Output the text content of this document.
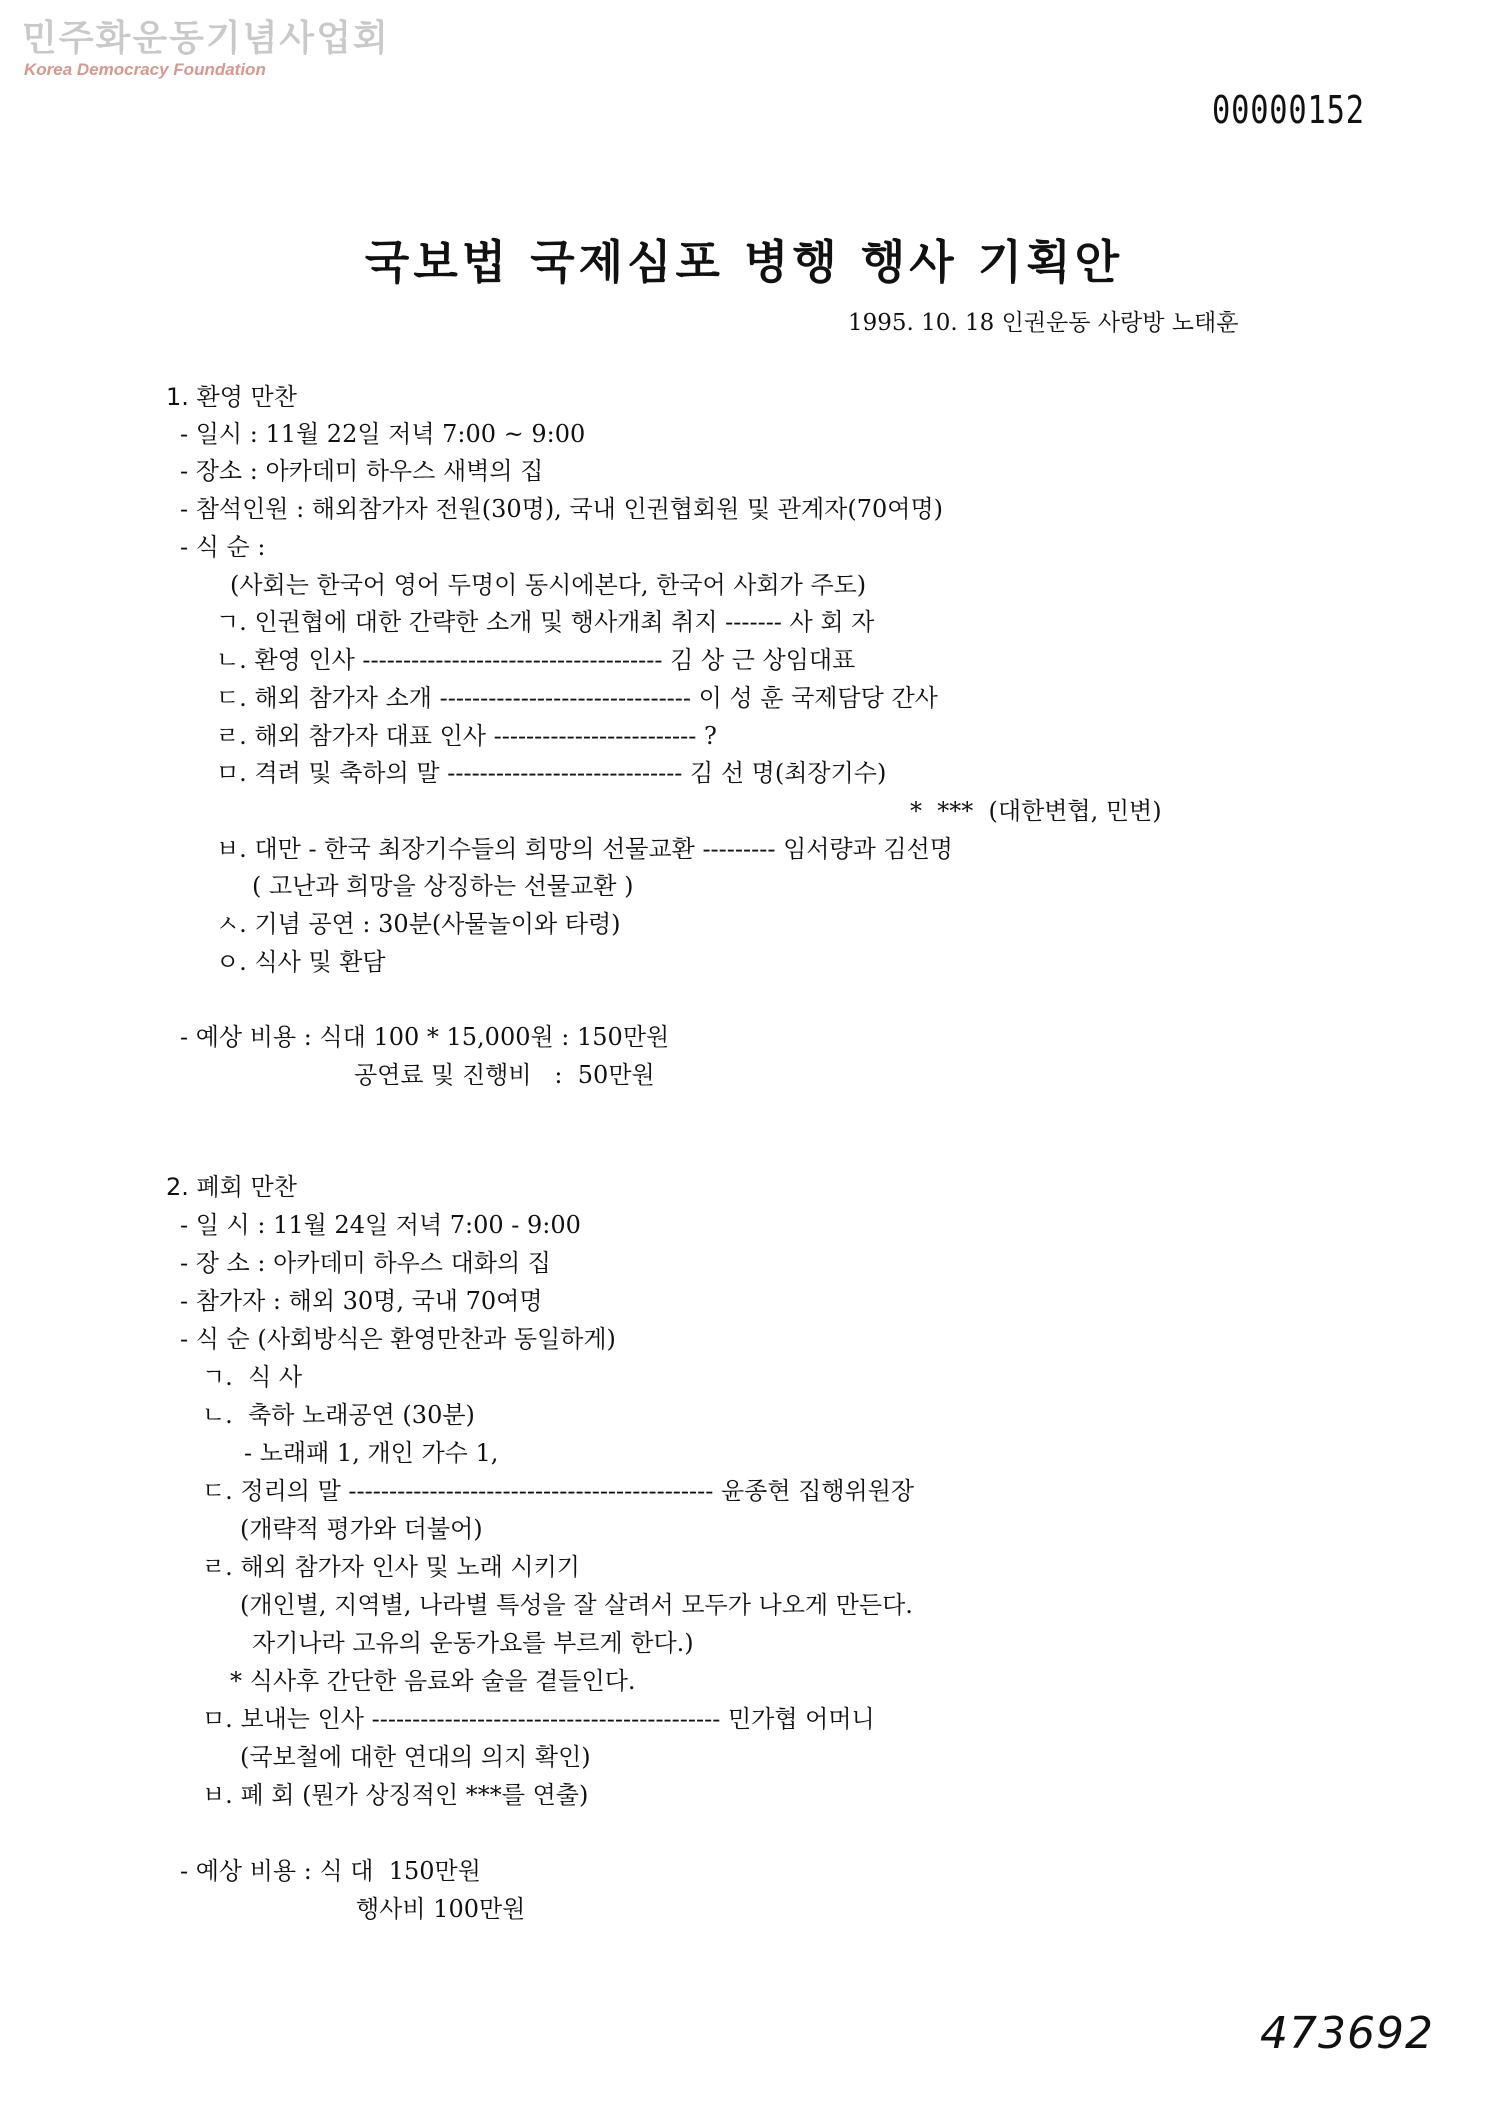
민주화운동기념사업회
Korea Democracy Foundation
00000152
국보법 국제심포 병행 행사 기획안
1995. 10. 18 인권운동 사랑방 노태훈
1. 환영 만찬
- 일시 : 11월 22일 저녁 7:00 ~ 9:00
- 장소 : 아카데미 하우스 새벽의 집
- 참석인원 : 해외참가자 전원(30명), 국내 인권협회원 및 관계자(70여명)
- 식 순 :
(사회는 한국어 영어 두명이 동시에본다, 한국어 사회가 주도)
ㄱ. 인권협에 대한 간략한 소개 및 행사개최 취지 ------- 사 회 자
ㄴ. 환영 인사 ------------------------------------- 김 상 근 상임대표
ㄷ. 해외 참가자 소개 ------------------------------- 이 성 훈 국제담당 간사
ㄹ. 해외 참가자 대표 인사 ------------------------- ?
ㅁ. 격려 및 축하의 말 ----------------------------- 김 선 명(최장기수)
*  ***  (대한변협, 민변)
ㅂ. 대만 - 한국 최장기수들의 희망의 선물교환 --------- 임서량과 김선명
( 고난과 희망을 상징하는 선물교환 )
ㅅ. 기념 공연 : 30분(사물놀이와 타령)
ㅇ. 식사 및 환담
- 예상 비용 : 식대 100 * 15,000원 : 150만원
공연료 및 진행비   :  50만원
2. 폐회 만찬
- 일 시 : 11월 24일 저녁 7:00 - 9:00
- 장 소 : 아카데미 하우스 대화의 집
- 참가자 : 해외 30명, 국내 70여명
- 식 순 (사회방식은 환영만찬과 동일하게)
ㄱ.  식 사
ㄴ.  축하 노래공연 (30분)
- 노래패 1, 개인 가수 1,
ㄷ. 정리의 말 --------------------------------------------- 윤종현 집행위원장
(개략적 평가와 더불어)
ㄹ. 해외 참가자 인사 및 노래 시키기
(개인별, 지역별, 나라별 특성을 잘 살려서 모두가 나오게 만든다.
자기나라 고유의 운동가요를 부르게 한다.)
* 식사후 간단한 음료와 술을 곁들인다.
ㅁ. 보내는 인사 ------------------------------------------- 민가협 어머니
(국보철에 대한 연대의 의지 확인)
ㅂ. 폐 회 (뭔가 상징적인 ***를 연출)
- 예상 비용 : 식 대  150만원
행사비 100만원
473692
